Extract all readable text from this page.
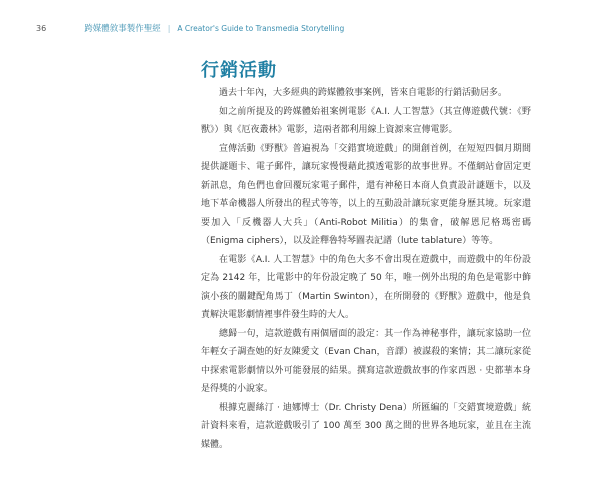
36	跨媒體敘事製作聖經 | A Creator's Guide to Transmedia Storytelling
行銷活動

過去十年內，大多經典的跨媒體敘事案例，皆來自電影的行銷活動居多。

如之前所提及的跨媒體始祖案例電影《A.I. 人工智慧》（其宣傳遊戲代號：《野獸》）與《厄夜叢林》電影，這兩者都利用線上資源來宣傳電影。

宣傳活動《野獸》普遍視為「交錯實境遊戲」的開創首例，在短短四個月期間提供謎題卡、電子郵件，讓玩家慢慢藉此摸透電影的故事世界。不僅網站會固定更新訊息，角色們也會回覆玩家電子郵件，還有神秘日本商人負責設計謎題卡，以及地下革命機器人所發出的程式等等，以上的互動設計讓玩家更能身歷其境。玩家還要加入「反機器人大兵」（Anti-Robot Militia）的集會，破解恩尼格瑪密碼（Enigma ciphers），以及詮釋魯特琴圖表記譜（lute tablature）等等。

在電影《A.I. 人工智慧》中的角色大多不會出現在遊戲中，而遊戲中的年份設定為 2142 年，比電影中的年份設定晚了 50 年，唯一例外出現的角色是電影中飾演小孩的關鍵配角馬丁（Martin Swinton），在所開發的《野獸》遊戲中，他是負責解決電影劇情裡事件發生時的大人。

總歸一句，這款遊戲有兩個層面的設定：其一作為神秘事件，讓玩家協助一位年輕女子調查她的好友陳愛文（Evan Chan，音譯）被謀殺的案情；其二讓玩家從中探索電影劇情以外可能發展的結果。撰寫這款遊戲故事的作家西恩 · 史都華本身是得獎的小說家。

根據克麗絲汀 · 迪娜博士（Dr. Christy Dena）所匯編的「交錯實境遊戲」統計資料來看，這款遊戲吸引了 100 萬至 300 萬之間的世界各地玩家，並且在主流媒體。
